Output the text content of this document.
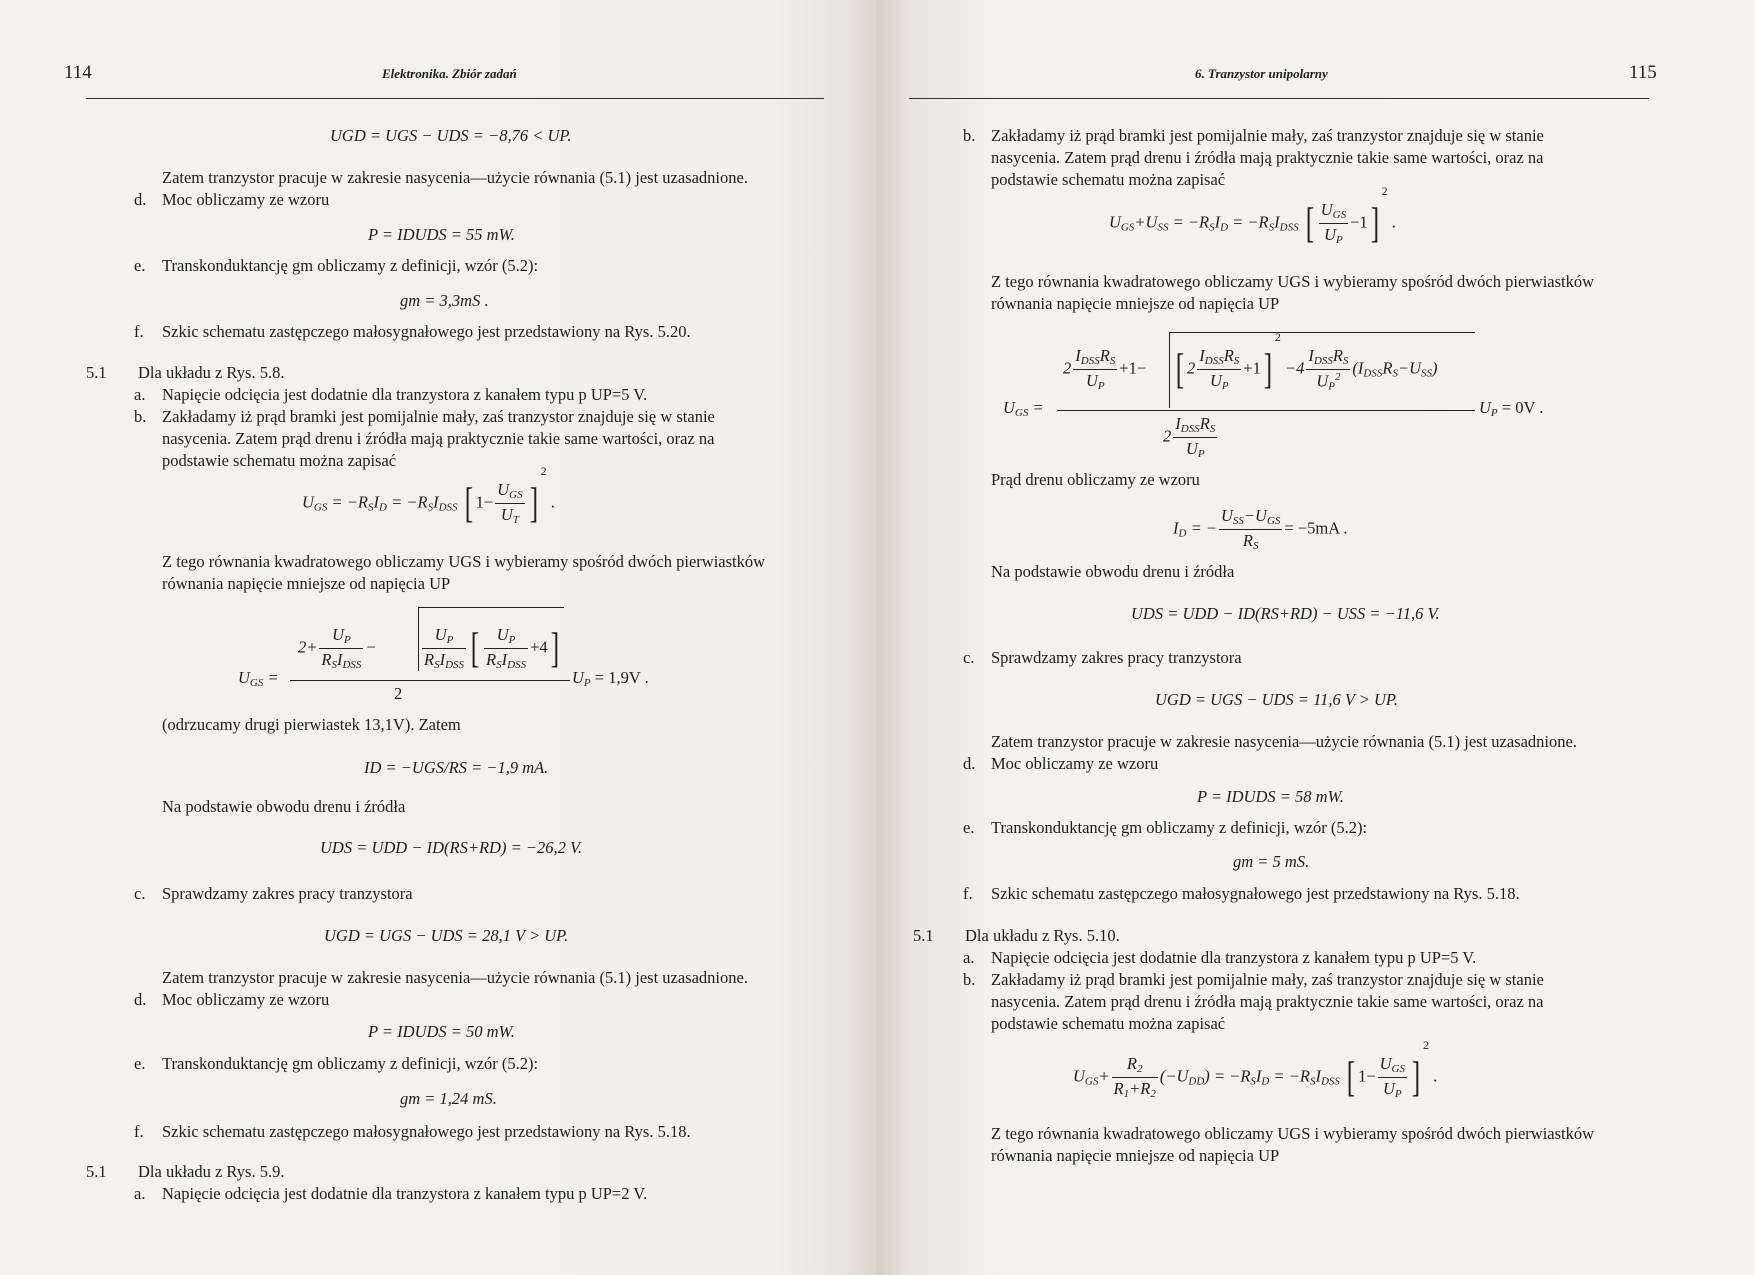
114	Elektronika. Zbiór zadań
UGD = UGS − UDS = −8,76 < UP.
Zatem tranzystor pracuje w zakresie nasycenia—użycie równania (5.1) jest uzasadnione.
d. Moc obliczamy ze wzoru
P = IDUDS = 55 mW.
e. Transkonduktancję gm obliczamy z definicji, wzór (5.2):
gm = 3,3mS .
f. Szkic schematu zastępczego małosygnałowego jest przedstawiony na Rys. 5.20.
5.1 Dla układu z Rys. 5.8.
a. Napięcie odcięcia jest dodatnie dla tranzystora z kanałem typu p UP=5 V.
b. Zakładamy iż prąd bramki jest pomijalnie mały, zaś tranzystor znajduje się w stanie
nasycenia. Zatem prąd drenu i źródła mają praktycznie takie same wartości, oraz na
podstawie schematu można zapisać
$U_{GS} = -R_SI_D = -R_SI_{DSS}$ [ 1−
$U_{GS}$
$U_T$ ]2 .
Z tego równania kwadratowego obliczamy UGS i wybieramy spośród dwóch pierwiastków
równania napięcie mniejsze od napięcia UP
2+
$U_P$
$R_SI_{DSS}$
−
$U_P$
$R_SI_{DSS}$ [	$U_P$
$R_SI_{DSS}$
+4]
$U_{GS}$ =
2
$U_P = 1,9V$ .
(odrzucamy drugi pierwiastek 13,1V). Zatem
ID = −UGS/RS = −1,9 mA.
Na podstawie obwodu drenu i źródła
UDS = UDD − ID(RS+RD) = −26,2 V.
c. Sprawdzamy zakres pracy tranzystora
UGD = UGS − UDS = 28,1 V > UP.
Zatem tranzystor pracuje w zakresie nasycenia—użycie równania (5.1) jest uzasadnione.
d. Moc obliczamy ze wzoru
P = IDUDS = 50 mW.
e. Transkonduktancję gm obliczamy z definicji, wzór (5.2):
gm = 1,24 mS.
f. Szkic schematu zastępczego małosygnałowego jest przedstawiony na Rys. 5.18.
5.1 Dla układu z Rys. 5.9.
a. Napięcie odcięcia jest dodatnie dla tranzystora z kanałem typu p UP=2 V.
6. Tranzystor unipolarny	115
b. Zakładamy iż prąd bramki jest pomijalnie mały, zaś tranzystor znajduje się w stanie
nasycenia. Zatem prąd drenu i źródła mają praktycznie takie same wartości, oraz na
podstawie schematu można zapisać
$U_{GS}+U_{SS} = -R_SI_D = -R_SI_{DSS}$ [ $U_{GS}$
$U_P$
−1]2 .
Z tego równania kwadratowego obliczamy UGS i wybieramy spośród dwóch pierwiastków
równania napięcie mniejsze od napięcia UP
2
$I_{DSS}R_S$
$U_P$
+1− [ 2
$I_{DSS}R_S$
$U_P$
+1]2 −4
$I_{DSS}R_S$
$U_P^2$ $(I_{DSS}R_S-U_{SS})$
$U_{GS}$ =
2
$I_{DSS}R_S$
$U_P$
$U_P = 0V$ .
Prąd drenu obliczamy ze wzoru
$I_D$ = −
$U_{SS}-U_{GS}$
$R_S$
= −5mA .
Na podstawie obwodu drenu i źródła
UDS = UDD − ID(RS+RD) − USS = −11,6 V.
c. Sprawdzamy zakres pracy tranzystora
UGD = UGS − UDS = 11,6 V > UP.
Zatem tranzystor pracuje w zakresie nasycenia—użycie równania (5.1) jest uzasadnione.
d. Moc obliczamy ze wzoru
P = IDUDS = 58 mW.
e. Transkonduktancję gm obliczamy z definicji, wzór (5.2):
gm = 5 mS.
f. Szkic schematu zastępczego małosygnałowego jest przedstawiony na Rys. 5.18.
5.1 Dla układu z Rys. 5.10.
a. Napięcie odcięcia jest dodatnie dla tranzystora z kanałem typu p UP=5 V.
b. Zakładamy iż prąd bramki jest pomijalnie mały, zaś tranzystor znajduje się w stanie
nasycenia. Zatem prąd drenu i źródła mają praktycznie takie same wartości, oraz na
podstawie schematu można zapisać
$U_{GS}+ \frac{R_2}{R_1+R_2} (-U_{DD}) = -R_SI_D = -R_SI_{DSS}$ [ 1−
$U_{GS}$
$U_P$ ]2 .
Z tego równania kwadratowego obliczamy UGS i wybieramy spośród dwóch pierwiastków
równania napięcie mniejsze od napięcia UP
